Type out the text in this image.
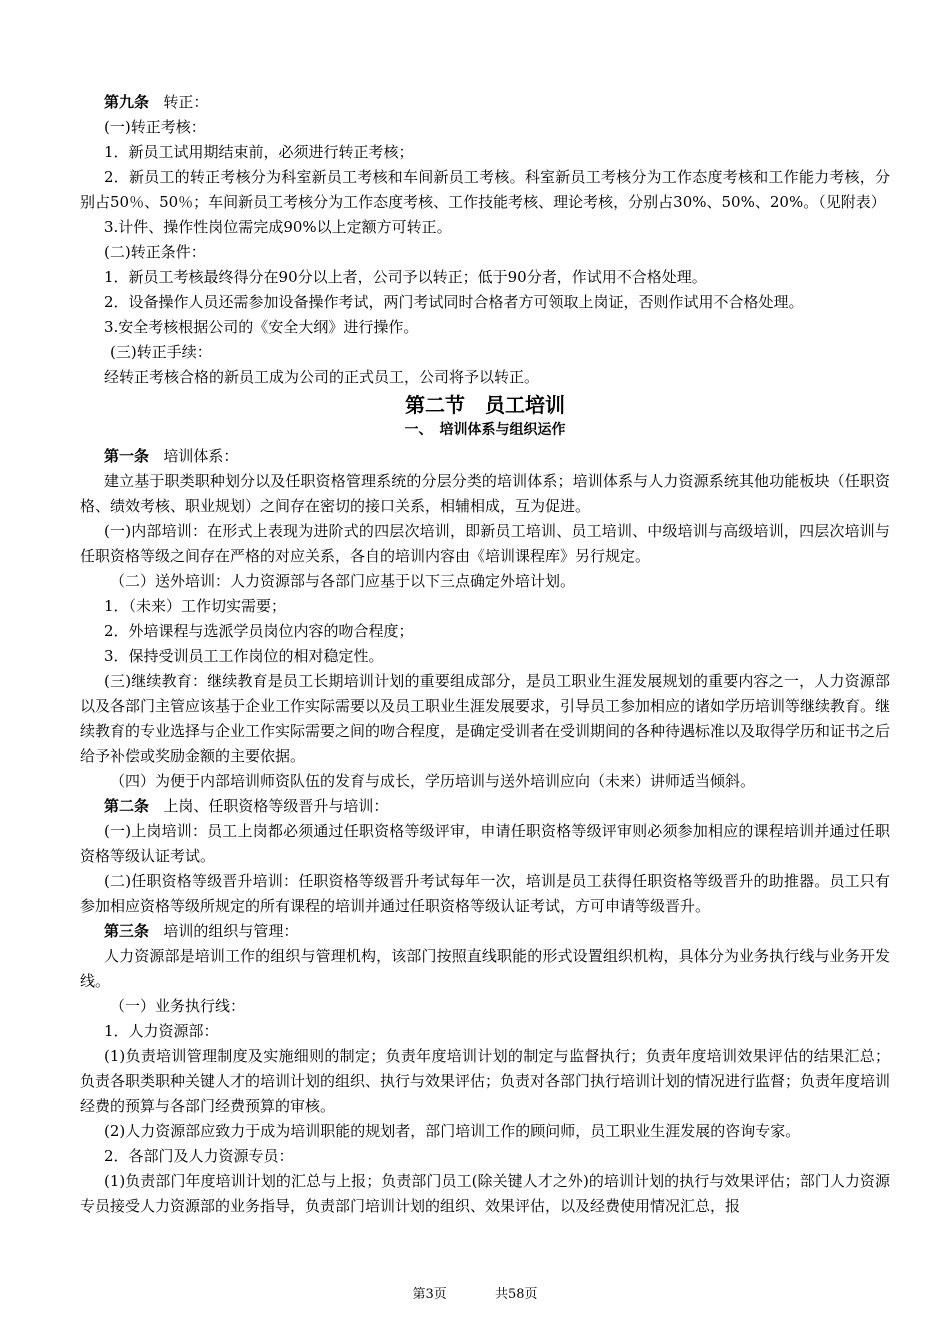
第九条 转正：

(一)转正考核：

1．新员工试用期结束前，必须进行转正考核；

2．新员工的转正考核分为科室新员工考核和车间新员工考核。科室新员工考核分为工作态度考核和工作能力考核，分别占50％、50％；车间新员工考核分为工作态度考核、工作技能考核、理论考核，分别占30%、50%、20%。（见附表）

3.计件、操作性岗位需完成90%以上定额方可转正。

(二)转正条件：

1．新员工考核最终得分在90分以上者，公司予以转正；低于90分者，作试用不合格处理。

2．设备操作人员还需参加设备操作考试，两门考试同时合格者方可领取上岗证，否则作试用不合格处理。

3.安全考核根据公司的《安全大纲》进行操作。

(三)转正手续：

经转正考核合格的新员工成为公司的正式员工，公司将予以转正。

第二节　员工培训

一、　培训体系与组织运作

第一条 培训体系：

建立基于职类职种划分以及任职资格管理系统的分层分类的培训体系；培训体系与人力资源系统其他功能板块（任职资格、绩效考核、职业规划）之间存在密切的接口关系，相辅相成，互为促进。

(一)内部培训：在形式上表现为进阶式的四层次培训，即新员工培训、员工培训、中级培训与高级培训，四层次培训与任职资格等级之间存在严格的对应关系，各自的培训内容由《培训课程库》另行规定。

（二）送外培训：人力资源部与各部门应基于以下三点确定外培计划。

1．（未来）工作切实需要；

2．外培课程与选派学员岗位内容的吻合程度；

3．保持受训员工工作岗位的相对稳定性。

(三)继续教育：继续教育是员工长期培训计划的重要组成部分，是员工职业生涯发展规划的重要内容之一，人力资源部以及各部门主管应该基于企业工作实际需要以及员工职业生涯发展要求，引导员工参加相应的诸如学历培训等继续教育。继续教育的专业选择与企业工作实际需要之间的吻合程度，是确定受训者在受训期间的各种待遇标准以及取得学历和证书之后给予补偿或奖励金额的主要依据。

（四）为便于内部培训师资队伍的发育与成长，学历培训与送外培训应向（未来）讲师适当倾斜。

第二条 上岗、任职资格等级晋升与培训：

(一)上岗培训：员工上岗都必须通过任职资格等级评审，申请任职资格等级评审则必须参加相应的课程培训并通过任职资格等级认证考试。

(二)任职资格等级晋升培训：任职资格等级晋升考试每年一次，培训是员工获得任职资格等级晋升的助推器。员工只有参加相应资格等级所规定的所有课程的培训并通过任职资格等级认证考试，方可申请等级晋升。

第三条 培训的组织与管理：

人力资源部是培训工作的组织与管理机构，该部门按照直线职能的形式设置组织机构，具体分为业务执行线与业务开发线。

（一）业务执行线：

1．人力资源部：

(1)负责培训管理制度及实施细则的制定；负责年度培训计划的制定与监督执行；负责年度培训效果评估的结果汇总；负责各职类职种关键人才的培训计划的组织、执行与效果评估；负责对各部门执行培训计划的情况进行监督；负责年度培训经费的预算与各部门经费预算的审核。

(2)人力资源部应致力于成为培训职能的规划者，部门培训工作的顾问师，员工职业生涯发展的咨询专家。

2．各部门及人力资源专员：

(1)负责部门年度培训计划的汇总与上报；负责部门员工(除关键人才之外)的培训计划的执行与效果评估；部门人力资源专员接受人力资源部的业务指导，负责部门培训计划的组织、效果评估，以及经费使用情况汇总，报

第3页	共58页
